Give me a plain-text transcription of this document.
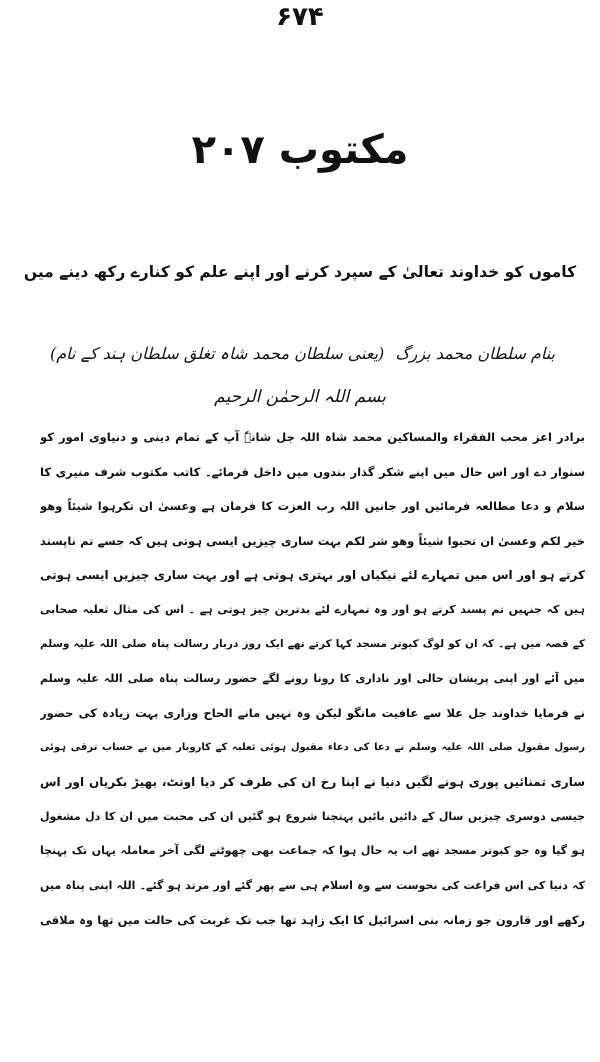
۶۷۴
مکتوب ۲۰۷
کاموں کو خداوند تعالیٰ کے سپرد کرنے اور اپنے علم کو کنارے رکھ دینے میں
بنام سلطان محمد بزرگ
(یعنی سلطان محمد شاہ تغلق سلطان ہند کے نام)
بسم اللہ الرحمٰن الرحیم
برادر اعز محب الفقراء والمساکین محمد شاہ اللہ جل شانہٗ آپ کے تمام دینی و دنیاوی امور کو
سنوار دے اور اس حال میں اپنے شکر گذار بندوں میں داخل فرمائے۔ کاتب مکتوب شرف منیری کا
سلام و دعا مطالعہ فرمائیں اور جانیں اللہ رب العزت کا فرمان ہے وعسیٰ ان تکرہوا شیئاً وھو
خیر لکم وعسیٰ ان تحبوا شیئاً وھو شر لکم بہت ساری چیزیں ایسی ہوتی ہیں کہ جسے تم ناپسند
کرتے ہو اور اس میں تمہارے لئے نیکیاں اور بہتری ہوتی ہے اور بہت ساری چیزیں ایسی ہوتی
ہیں کہ جنہیں تم پسند کرتے ہو اور وہ تمہارے لئے بدترین چیز ہوتی ہے ۔ اس کی مثال ثعلبہ صحابی
کے قصہ میں ہے۔ کہ ان کو لوگ کبوتر مسجد کہا کرتے تھے ایک روز دربار رسالت پناہ صلی اللہ علیہ وسلم
میں آئے اور اپنی پریشان حالی اور ناداری کا رونا رونے لگے حضور رسالت پناہ صلی اللہ علیہ وسلم
نے فرمایا خداوند جل علا سے عافیت مانگو لیکن وہ نہیں مانے الحاح وزاری بہت زیادہ کی حضور
رسول مقبول صلی اللہ علیہ وسلم نے دعا کی دعاء مقبول ہوئی ثعلبہ کے کاروبار میں بے حساب ترقی ہوئی
ساری تمنائیں پوری ہونے لگیں دنیا نے اپنا رخ ان کی طرف کر دیا اونٹ، بھیڑ بکریاں اور اس
جیسی دوسری چیزیں سال کے دائیں بائیں پہنچنا شروع ہو گئیں ان کی محبت میں ان کا دل مشغول
ہو گیا وہ جو کبوتر مسجد تھے اب یہ حال ہوا کہ جماعت بھی چھوٹنے لگی آخر معاملہ یہاں تک پہنچا
کہ دنیا کی اس فراغت کی نحوست سے وہ اسلام ہی سے پھر گئے اور مرتد ہو گئے۔ اللہ اپنی پناہ میں
رکھے اور قارون جو زمانہ بنی اسرائیل کا ایک زاہد تھا جب تک غربت کی حالت میں تھا وہ ملاقی
